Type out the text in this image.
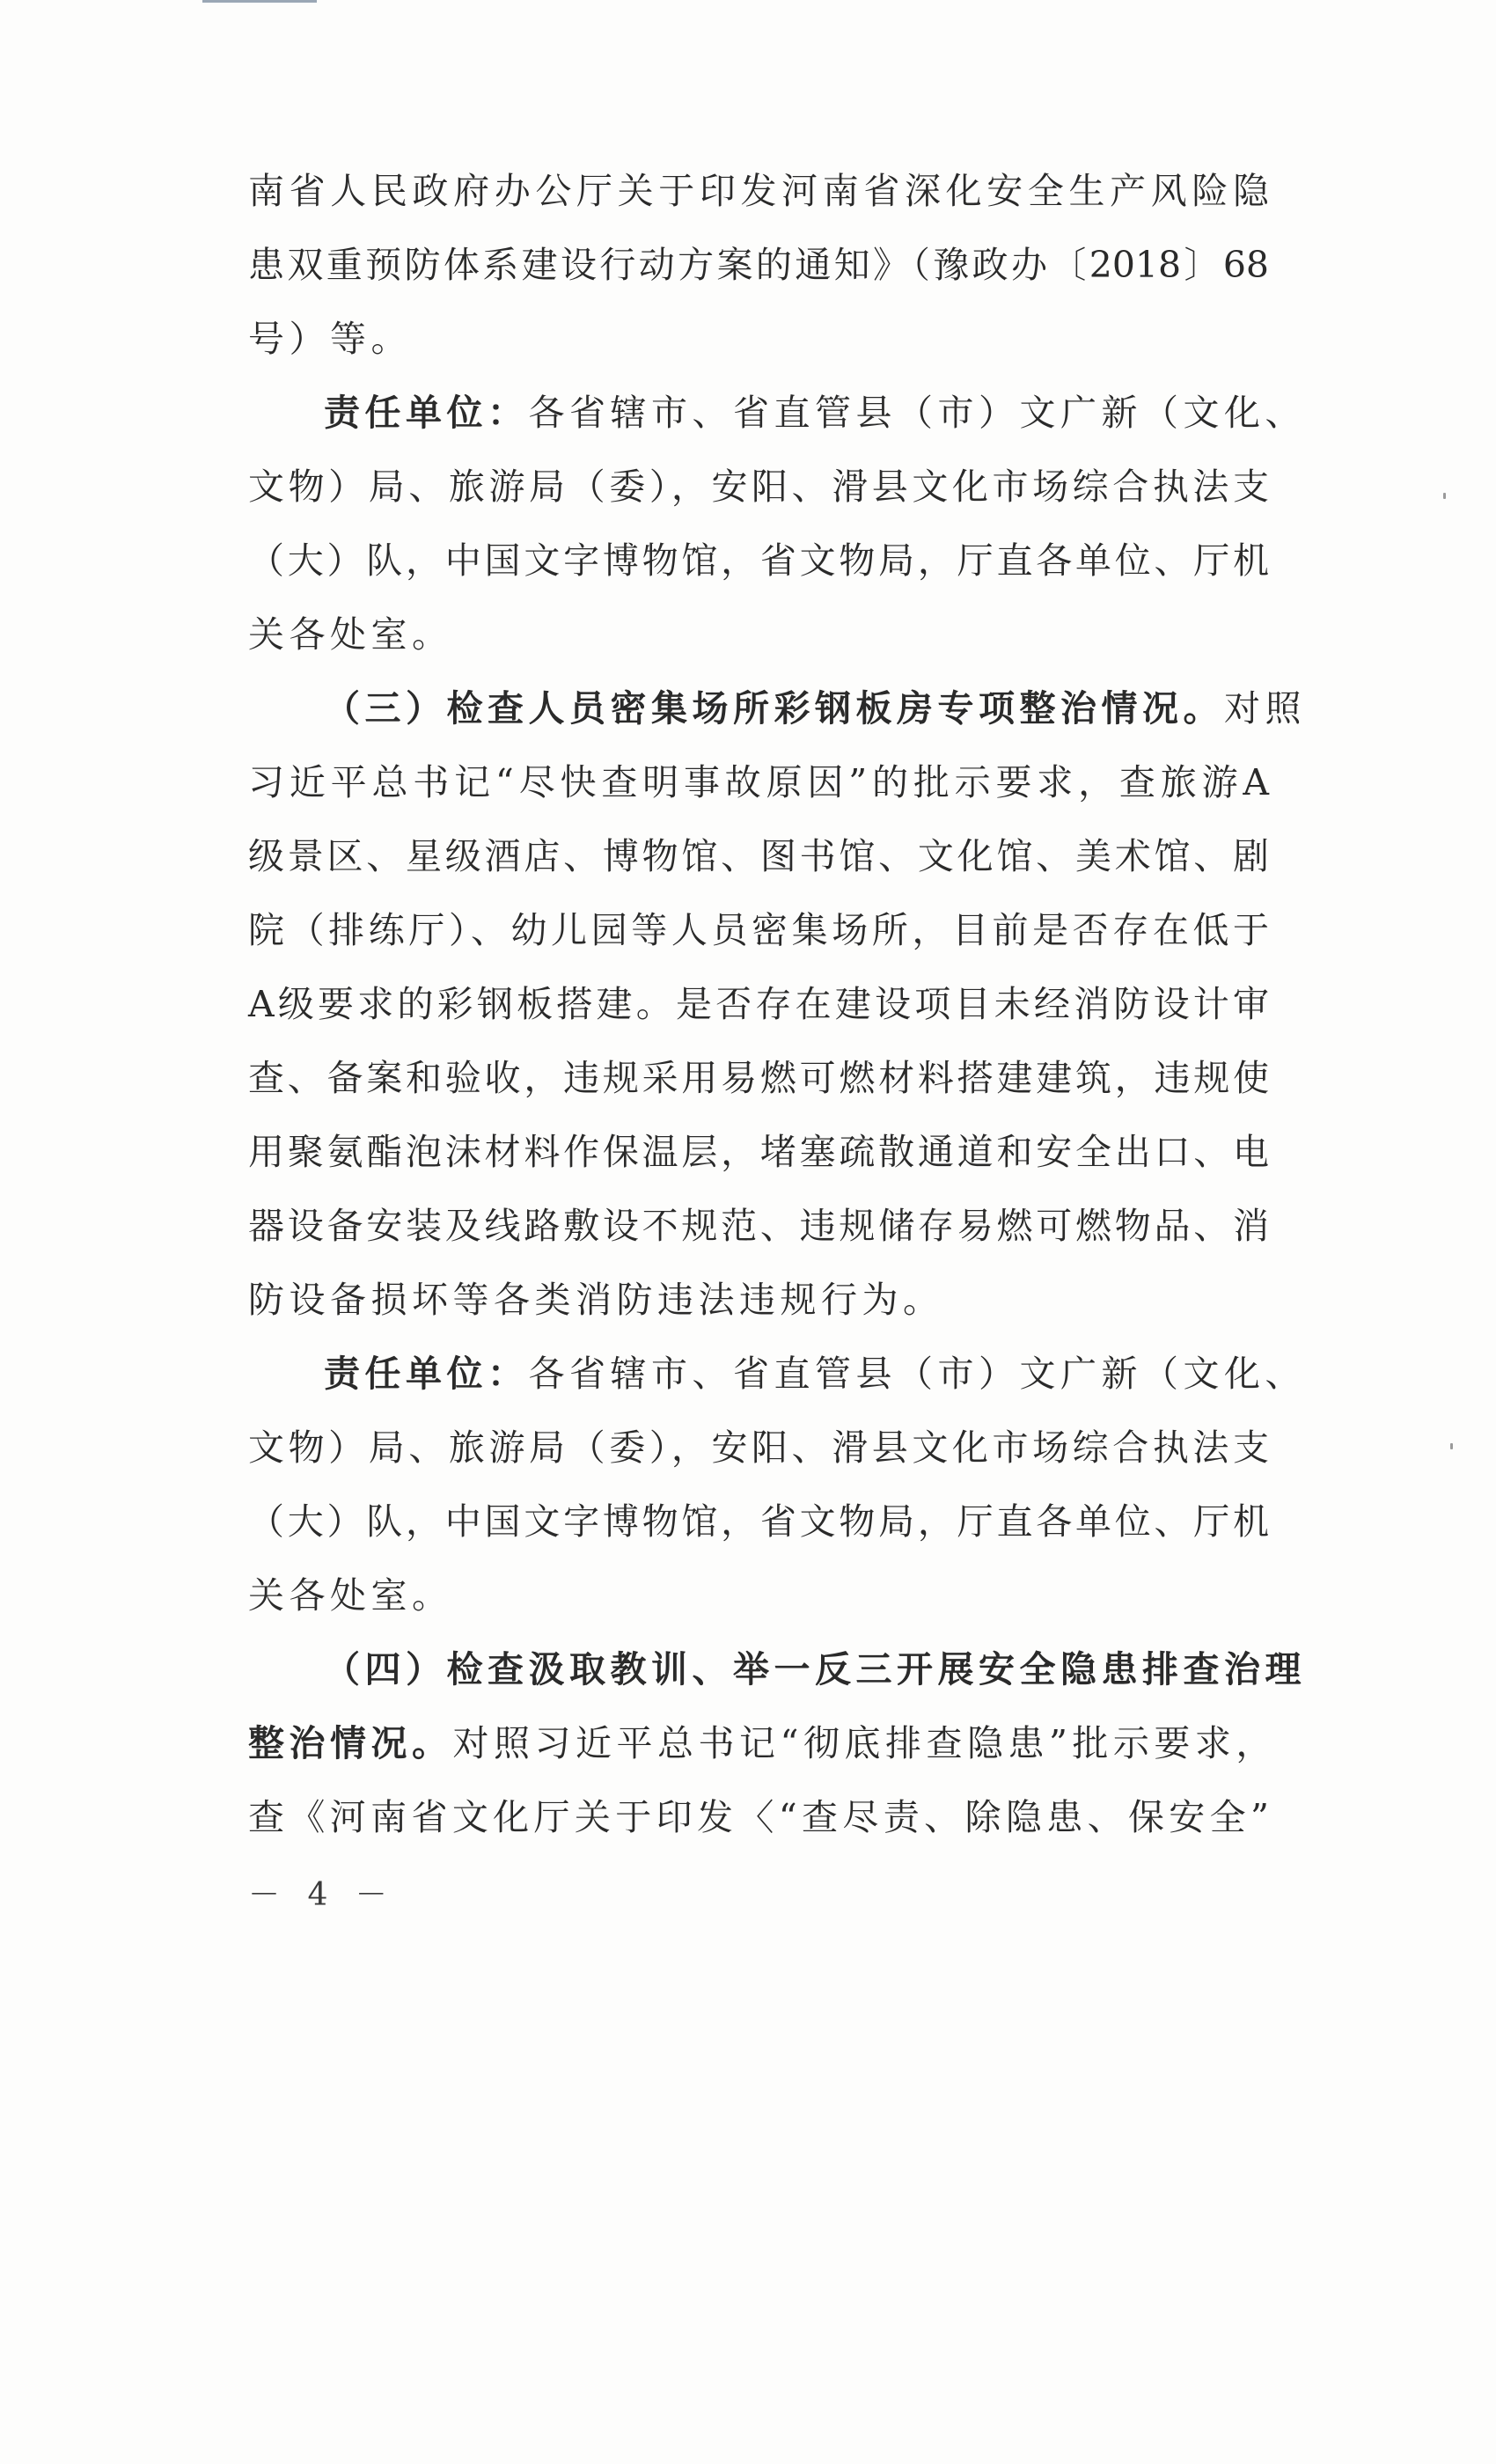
南省人民政府办公厅关于印发河南省深化安全生产风险隐
患双重预防体系建设行动方案的通知》（豫政办〔2018〕68
号）等。
责任单位：各省辖市、省直管县（市）文广新（文化、
文物）局、旅游局（委），安阳、滑县文化市场综合执法支
（大）队，中国文字博物馆，省文物局，厅直各单位、厅机
关各处室。
（三）检查人员密集场所彩钢板房专项整治情况。对照
习近平总书记“尽快查明事故原因”的批示要求，查旅游A
级景区、星级酒店、博物馆、图书馆、文化馆、美术馆、剧
院（排练厅）、幼儿园等人员密集场所，目前是否存在低于
A级要求的彩钢板搭建。是否存在建设项目未经消防设计审
查、备案和验收，违规采用易燃可燃材料搭建建筑，违规使
用聚氨酯泡沫材料作保温层，堵塞疏散通道和安全出口、电
器设备安装及线路敷设不规范、违规储存易燃可燃物品、消
防设备损坏等各类消防违法违规行为。
责任单位：各省辖市、省直管县（市）文广新（文化、
文物）局、旅游局（委），安阳、滑县文化市场综合执法支
（大）队，中国文字博物馆，省文物局，厅直各单位、厅机
关各处室。
（四）检查汲取教训、举一反三开展安全隐患排查治理
整治情况。对照习近平总书记“彻底排查隐患”批示要求，
查《河南省文化厅关于印发〈“查尽责、除隐患、保安全”
－ 4 －
